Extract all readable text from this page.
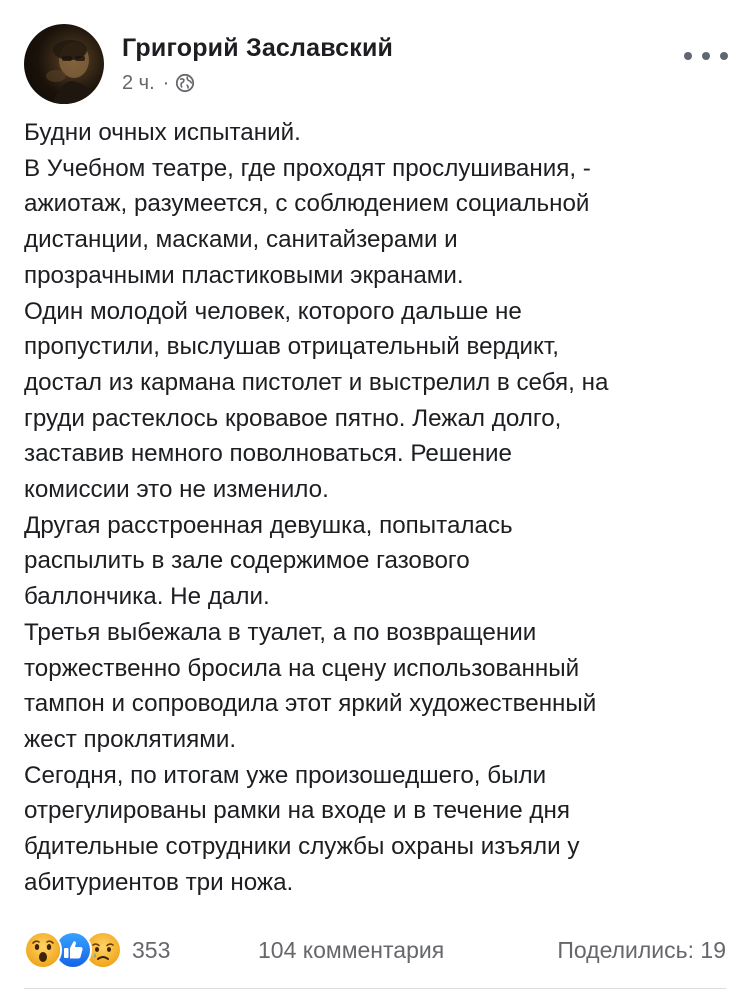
Григорий Заславский
2 ч. ·
Будни очных испытаний.
В Учебном театре, где проходят прослушивания, -
ажиотаж, разумеется, с соблюдением социальной
дистанции, масками, санитайзерами и
прозрачными пластиковыми экранами.
Один молодой человек, которого дальше не
пропустили, выслушав отрицательный вердикт,
достал из кармана пистолет и выстрелил в себя, на
груди растеклось кровавое пятно. Лежал долго,
заставив немного поволноваться. Решение
комиссии это не изменило.
Другая расстроенная девушка, попыталась
распылить в зале содержимое газового
баллончика. Не дали.
Третья выбежала в туалет, а по возвращении
торжественно бросила на сцену использованный
тампон и сопроводила этот яркий художественный
жест проклятиями.
Сегодня, по итогам уже произошедшего, были
отрегулированы рамки на входе и в течение дня
бдительные сотрудники службы охраны изъяли у
абитуриентов три ножа.
353	104 комментария	Поделились: 19
